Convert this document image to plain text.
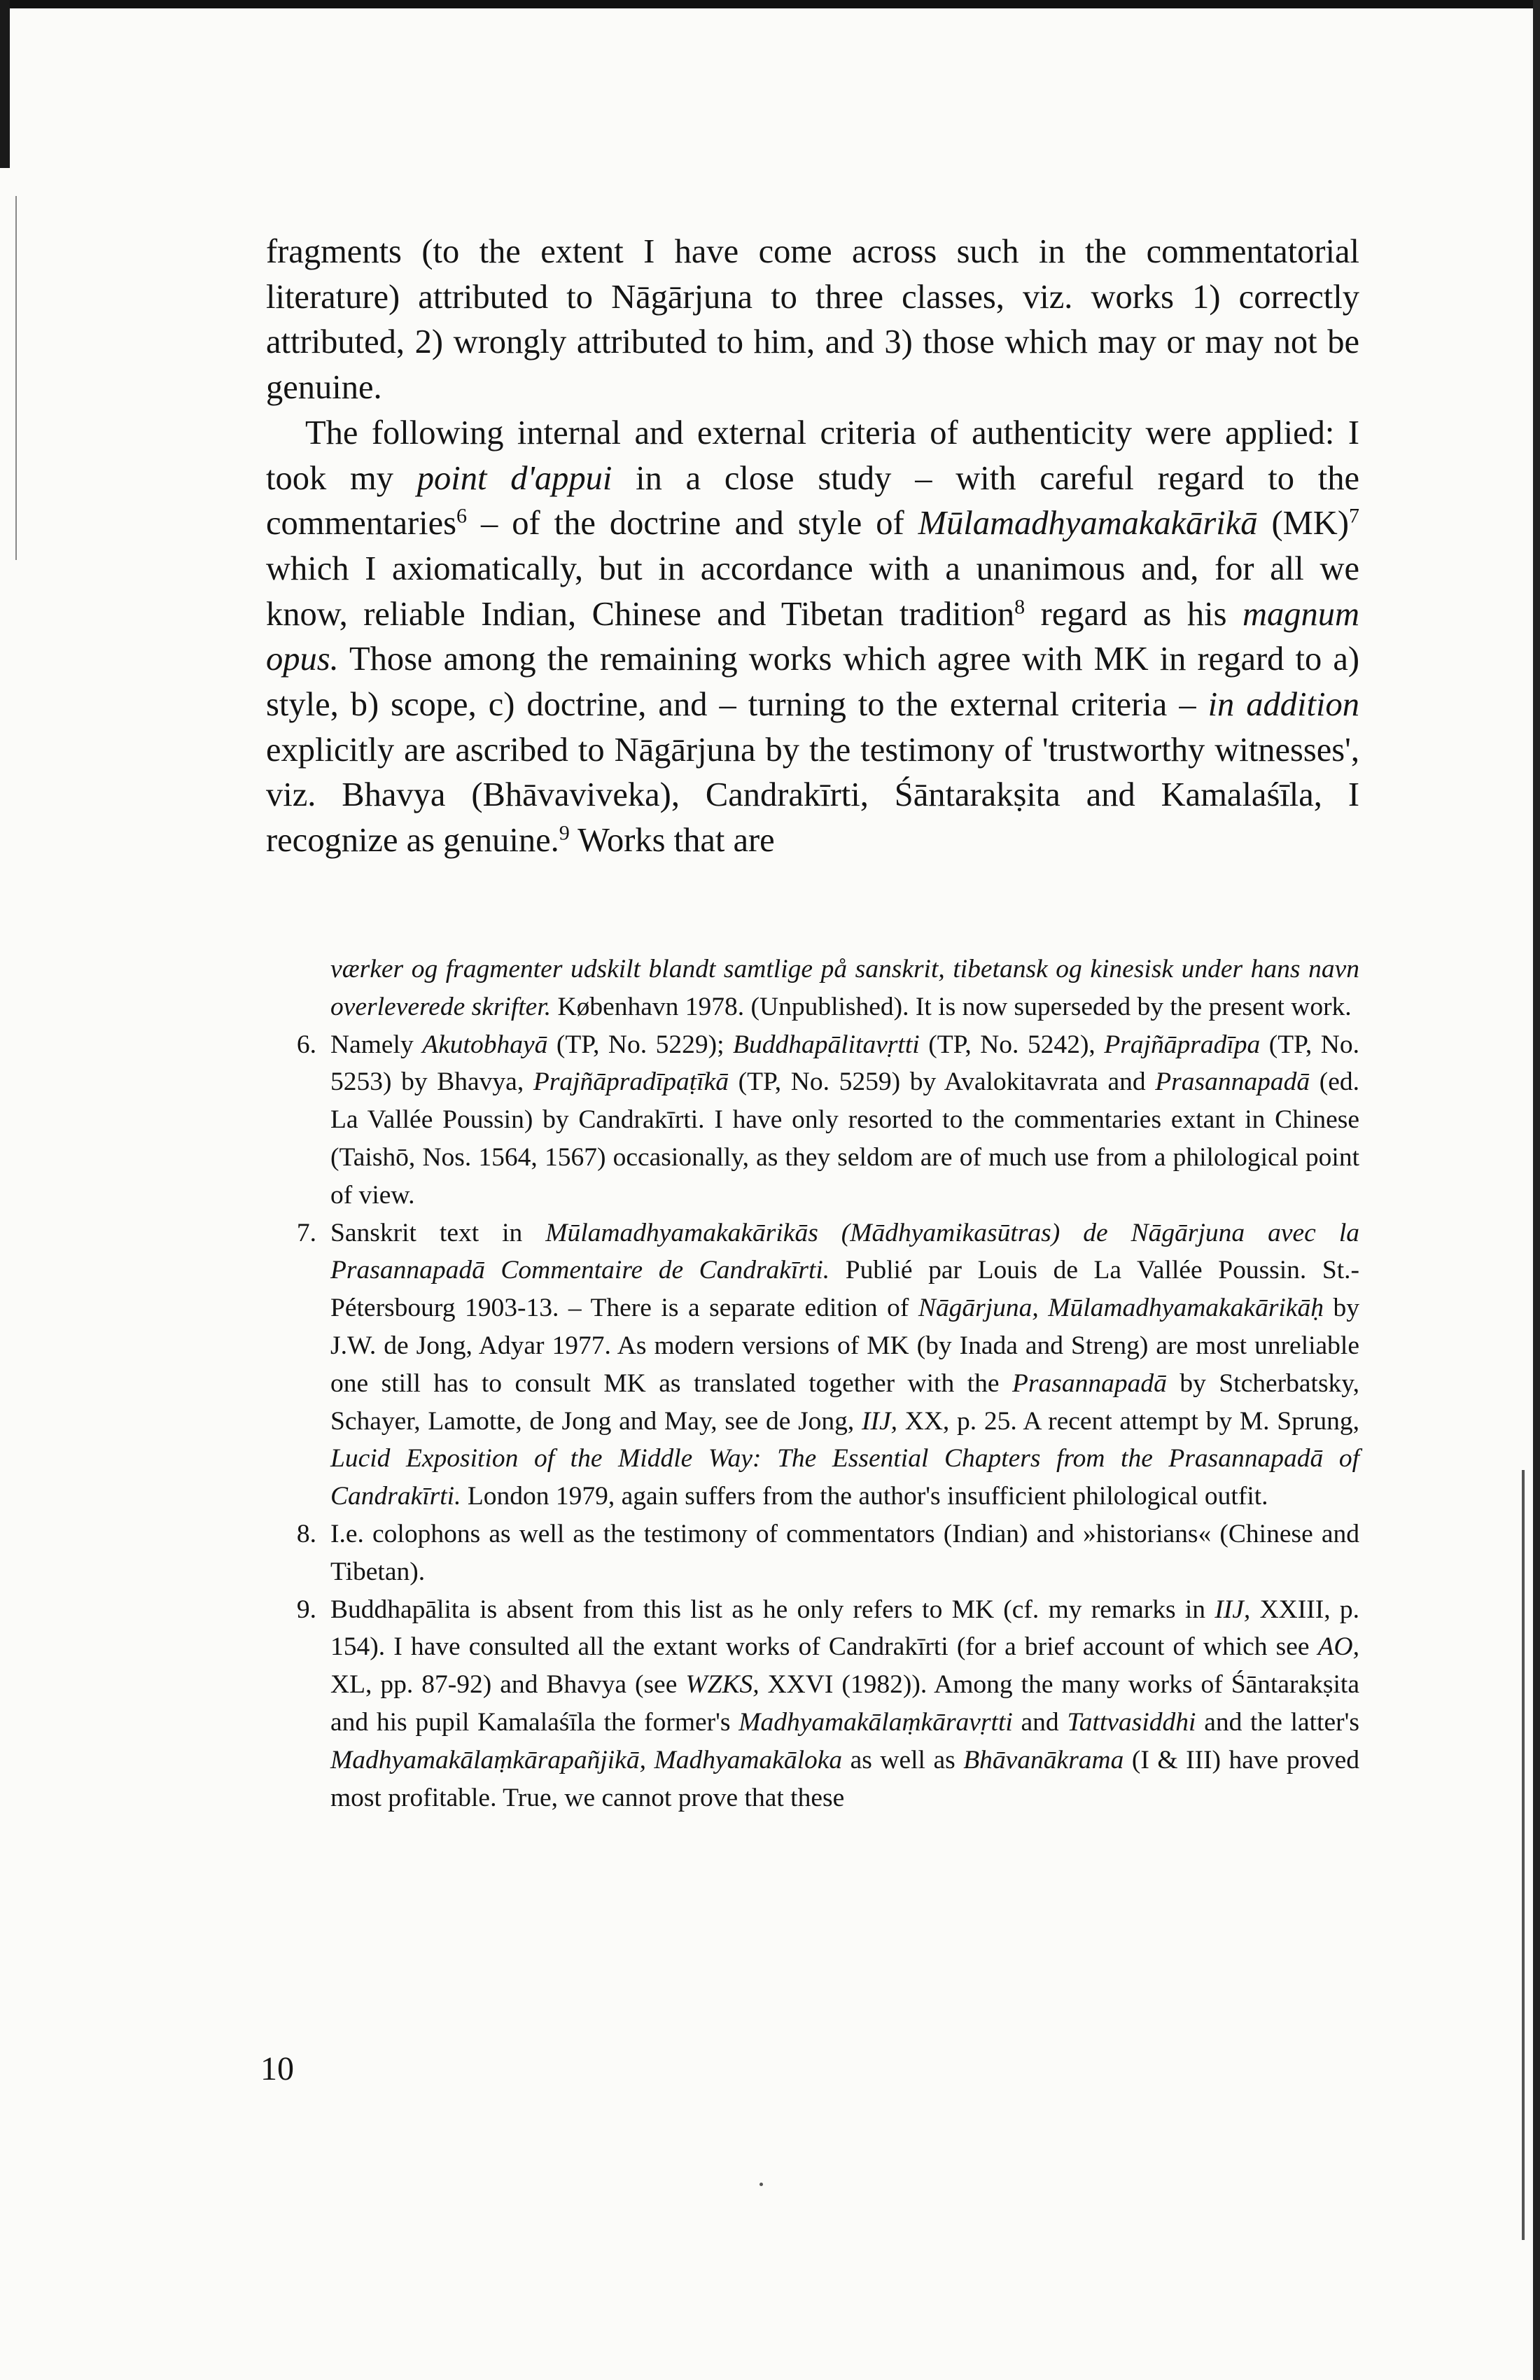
fragments (to the extent I have come across such in the commentatorial literature) attributed to Nāgārjuna to three classes, viz. works 1) correctly attributed, 2) wrongly attributed to him, and 3) those which may or may not be genuine.

The following internal and external criteria of authenticity were applied: I took my point d'appui in a close study – with careful regard to the commentaries$^6$ – of the doctrine and style of Mūlamadhyamakakārikā (MK)$^7$ which I axiomatically, but in accordance with a unanimous and, for all we know, reliable Indian, Chinese and Tibetan tradition$^8$ regard as his magnum opus. Those among the remaining works which agree with MK in regard to a) style, b) scope, c) doctrine, and – turning to the external criteria – in addition explicitly are ascribed to Nāgārjuna by the testimony of 'trustworthy witnesses', viz. Bhavya (Bhāvaviveka), Candrakīrti, Śāntarakṣita and Kamalaśīla, I recognize as genuine.$^9$ Works that are

værker og fragmenter udskilt blandt samtlige på sanskrit, tibetansk og kinesisk under hans navn overleverede skrifter. København 1978. (Unpublished). It is now superseded by the present work.
6. Namely Akutobhayā (TP, No. 5229); Buddhapālitavṛtti (TP, No. 5242), Prajñāpradīpa (TP, No. 5253) by Bhavya, Prajñāpradīpaṭīkā (TP, No. 5259) by Avalokitavrata and Prasannapadā (ed. La Vallée Poussin) by Candrakīrti. I have only resorted to the commentaries extant in Chinese (Taishō, Nos. 1564, 1567) occasionally, as they seldom are of much use from a philological point of view.
7. Sanskrit text in Mūlamadhyamakakārikās (Mādhyamikasūtras) de Nāgārjuna avec la Prasannapadā Commentaire de Candrakīrti. Publié par Louis de La Vallée Poussin. St.-Pétersbourg 1903-13. – There is a separate edition of Nāgārjuna, Mūlamadhyamakakārikāḥ by J.W. de Jong, Adyar 1977. As modern versions of MK (by Inada and Streng) are most unreliable one still has to consult MK as translated together with the Prasannapadā by Stcherbatsky, Schayer, Lamotte, de Jong and May, see de Jong, IIJ, XX, p. 25. A recent attempt by M. Sprung, Lucid Exposition of the Middle Way: The Essential Chapters from the Prasannapadā of Candrakīrti. London 1979, again suffers from the author's insufficient philological outfit.
8. I.e. colophons as well as the testimony of commentators (Indian) and »historians« (Chinese and Tibetan).
9. Buddhapālita is absent from this list as he only refers to MK (cf. my remarks in IIJ, XXIII, p. 154). I have consulted all the extant works of Candrakīrti (for a brief account of which see AO, XL, pp. 87-92) and Bhavya (see WZKS, XXVI (1982)). Among the many works of Śāntarakṣita and his pupil Kamalaśīla the former's Madhyamakālaṃkāravṛtti and Tattvasiddhi and the latter's Madhyamakālaṃkārapañjikā, Madhyamakāloka as well as Bhāvanākrama (I & III) have proved most profitable. True, we cannot prove that these
10
